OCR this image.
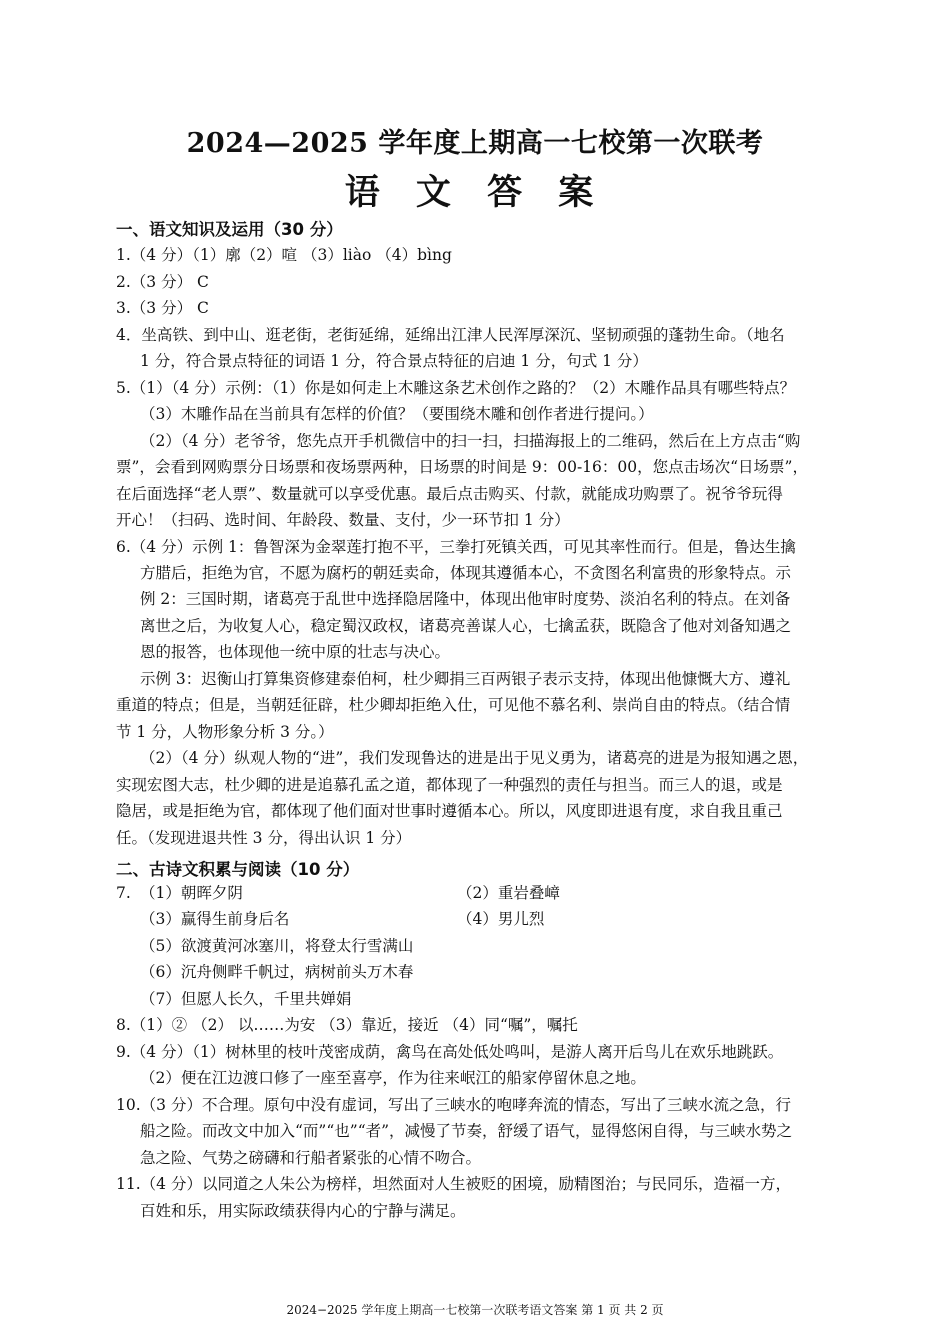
2024—2025 学年度上期高一七校第一次联考
语 文 答 案
一、语文知识及运用（30 分）
1.（4 分）（1）廓（2）喧 （3）liào （4）bìng
2.（3 分） C
3.（3 分） C
4．坐高铁、到中山、逛老街，老街延绵，延绵出江津人民浑厚深沉、坚韧顽强的蓬勃生命。（地名
1 分，符合景点特征的词语 1 分，符合景点特征的启迪 1 分，句式 1 分）
5.（1）（4 分）示例：（1）你是如何走上木雕这条艺术创作之路的？（2）木雕作品具有哪些特点？
（3）木雕作品在当前具有怎样的价值？（要围绕木雕和创作者进行提问。）
（2）（4 分）老爷爷，您先点开手机微信中的扫一扫，扫描海报上的二维码，然后在上方点击“购
票”，会看到网购票分日场票和夜场票两种，日场票的时间是 9：00-16：00，您点击场次“日场票”，
在后面选择“老人票”、数量就可以享受优惠。最后点击购买、付款，就能成功购票了。祝爷爷玩得
开心！（扫码、选时间、年龄段、数量、支付，少一环节扣 1 分）
6.（4 分）示例 1：鲁智深为金翠莲打抱不平，三拳打死镇关西，可见其率性而行。但是，鲁达生擒
方腊后，拒绝为官，不愿为腐朽的朝廷卖命，体现其遵循本心，不贪图名利富贵的形象特点。示
例 2：三国时期，诸葛亮于乱世中选择隐居隆中，体现出他审时度势、淡泊名利的特点。在刘备
离世之后，为收复人心，稳定蜀汉政权，诸葛亮善谋人心，七擒孟获，既隐含了他对刘备知遇之
恩的报答，也体现他一统中原的壮志与决心。
示例 3：迟衡山打算集资修建泰伯柯，杜少卿捐三百两银子表示支持，体现出他慷慨大方、遵礼
重道的特点；但是，当朝廷征辟，杜少卿却拒绝入仕，可见他不慕名利、崇尚自由的特点。（结合情
节 1 分，人物形象分析 3 分。）
（2）（4 分）纵观人物的“进”，我们发现鲁达的进是出于见义勇为，诸葛亮的进是为报知遇之恩，
实现宏图大志，杜少卿的进是追慕孔孟之道，都体现了一种强烈的责任与担当。而三人的退，或是
隐居，或是拒绝为官，都体现了他们面对世事时遵循本心。所以，风度即进退有度，求自我且重己
任。（发现进退共性 3 分，得出认识 1 分）
二、古诗文积累与阅读（10 分）
7. （1）朝晖夕阴	（2）重岩叠嶂
（3）赢得生前身后名	（4）男儿烈
（5）欲渡黄河冰塞川，将登太行雪满山
（6）沉舟侧畔千帆过，病树前头万木春
（7）但愿人长久，千里共婵娟
8.（1）② （2） 以……为安 （3）靠近，接近 （4）同“嘱”，嘱托
9.（4 分）（1）树林里的枝叶茂密成荫，禽鸟在高处低处鸣叫，是游人离开后鸟儿在欢乐地跳跃。
（2）便在江边渡口修了一座至喜亭，作为往来岷江的船家停留休息之地。
10.（3 分）不合理。原句中没有虚词，写出了三峡水的咆哮奔流的情态，写出了三峡水流之急，行
船之险。而改文中加入“而”“也”“者”，减慢了节奏，舒缓了语气，显得悠闲自得，与三峡水势之
急之险、气势之磅礴和行船者紧张的心情不吻合。
11.（4 分）以同道之人朱公为榜样，坦然面对人生被贬的困境，励精图治；与民同乐，造福一方，
百姓和乐，用实际政绩获得内心的宁静与满足。
2024−2025 学年度上期高一七校第一次联考语文答案 第 1 页 共 2 页
